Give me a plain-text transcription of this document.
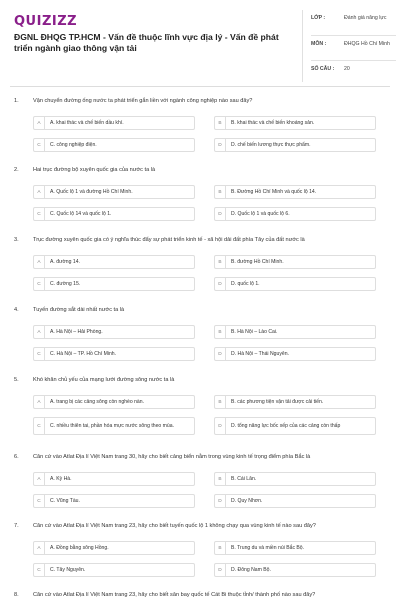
QUIZIZZ
ĐGNL ĐHQG TP.HCM - Vấn đề thuộc lĩnh vực địa lý - Vấn đề phát triển ngành giao thông vận tải
LỚP :	Đánh giá năng lực
MÔN :	ĐHQG Hồ Chí Minh
SỐ CÂU :	20
1.	Vận chuyển đường ống nước ta phát triển gắn liền với ngành công nghiệp nào sau đây?
A	A. khai thác và chế biến dầu khí.	B	B. khai thác và chế biến khoáng sản.
C	C. công nghiệp điện.	D	D. chế biến lương thực thực phẩm.
2.	Hai trục đường bộ xuyên quốc gia của nước ta là
A	A. Quốc lộ 1 và đường Hồ Chí Minh.	B	B. Đường Hồ Chí Minh và quốc lộ 14.
C	C. Quốc lộ 14 và quốc lộ 1.	D	D. Quốc lộ 1 và quốc lộ 6.
3.	Trục đường xuyên quốc gia có ý nghĩa thúc đẩy sự phát triển kinh tế - xã hội dải đất phía Tây của đất nước là
A	A. đường 14.	B	B. đường Hồ Chí Minh.
C	C. đường 15.	D	D. quốc lộ 1.
4.	Tuyến đường sắt dài nhất nước ta là
A	A. Hà Nội – Hải Phòng.	B	B. Hà Nội – Lào Cai.
C	C. Hà Nội – TP. Hồ Chí Minh.	D	D. Hà Nội – Thái Nguyên.
5.	Khó khăn chủ yếu của mạng lưới đường sông nước ta là
A	A. trang bị các cảng sông còn nghèo nàn.	B	B. các phương tiện vận tải được cải tiến.
C	C. nhiều thiên tai, phần hóa mực nước sông theo mùa.	D	D. tổng năng lực bốc xếp của các cảng còn thấp
6.	Căn cứ vào Atlat Địa lí Việt Nam trang 30, hãy cho biết cảng biển nằm trong vùng kinh tế trọng điểm phía Bắc là
A	A. Kỳ Hà.	B	B. Cái Lân.
C	C. Vũng Tàu.	D	D. Quy Nhơn.
7.	Căn cứ vào Atlat Địa lí Việt Nam trang 23, hãy cho biết tuyến quốc lộ 1 không chạy qua vùng kinh tế nào sau đây?
A	A. Đồng bằng sông Hồng.	B	B. Trung du và miền núi Bắc Bộ.
C	C. Tây Nguyên.	D	D. Đông Nam Bộ.
8.	Căn cứ vào Atlat Địa lí Việt Nam trang 23, hãy cho biết sân bay quốc tế Cát Bi thuộc tỉnh/ thành phố nào sau đây?
